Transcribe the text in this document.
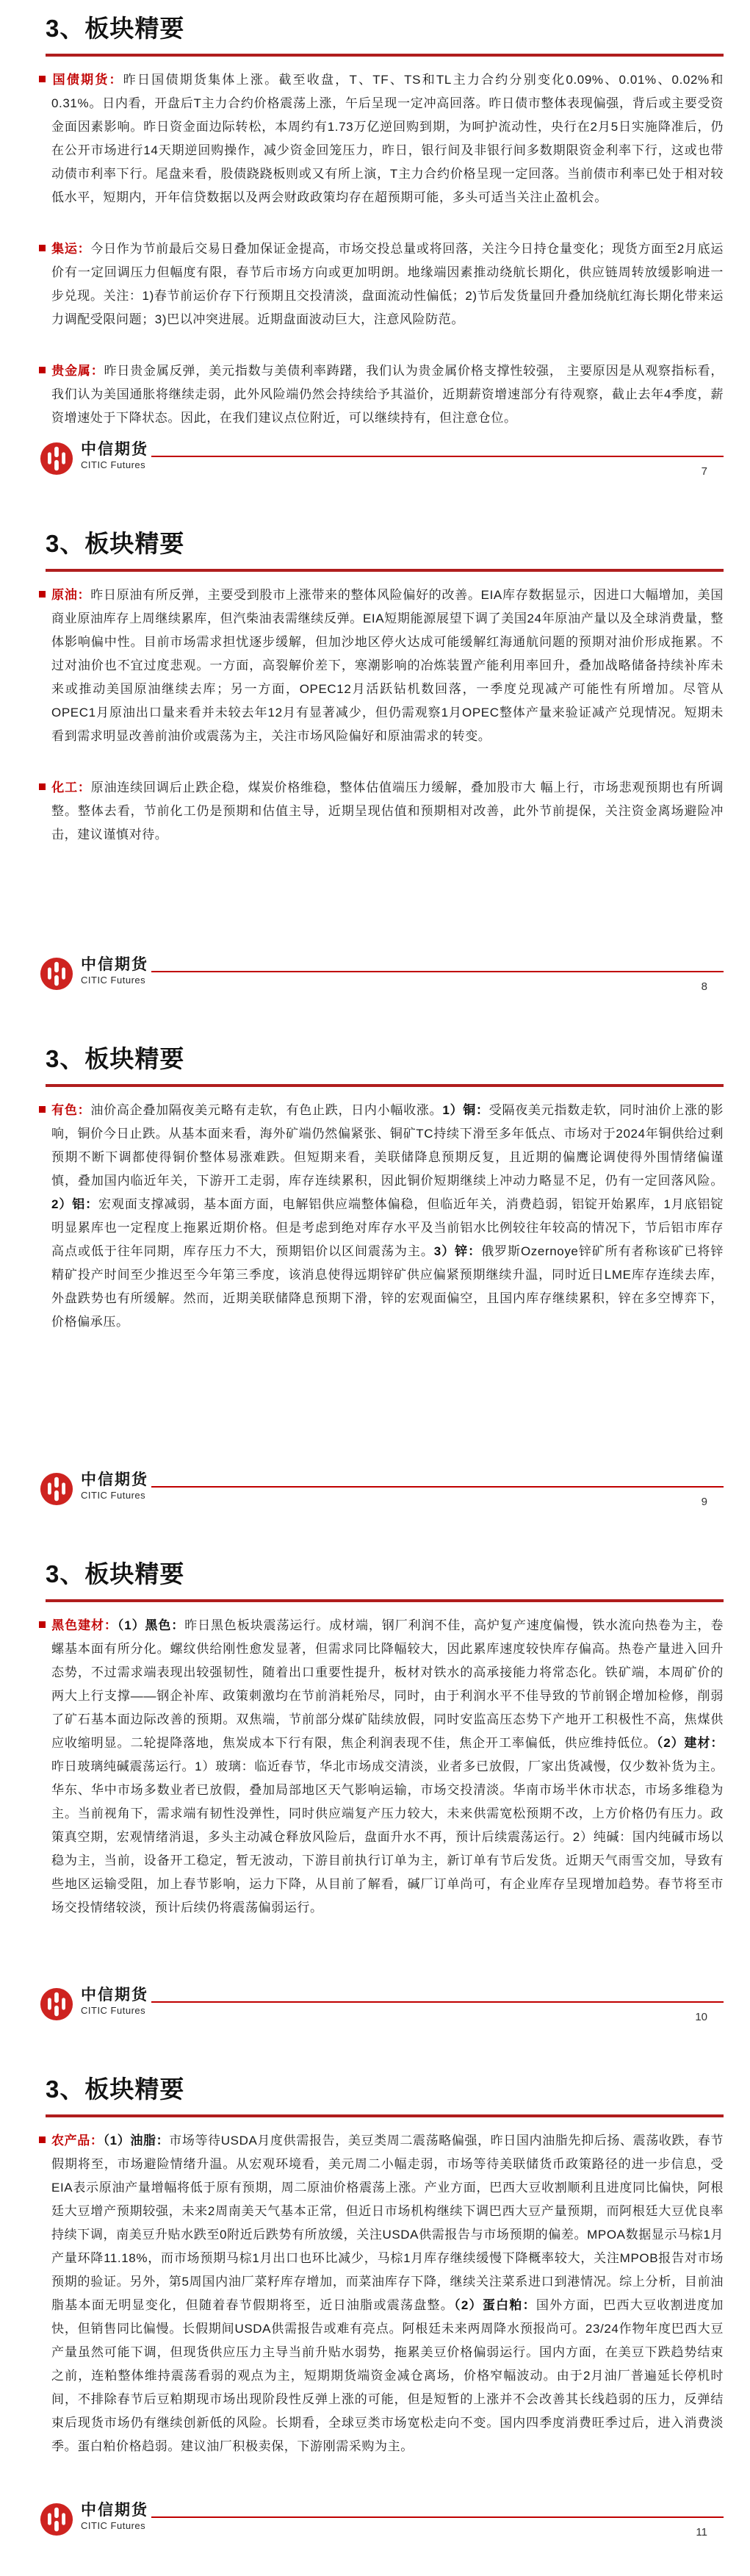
3、板块精要

国债期货：昨日国债期货集体上涨。截至收盘，T、TF、TS和TL主力合约分别变化0.09%、0.01%、0.02%和0.31%。日内看，开盘后T主力合约价格震荡上涨，午后呈现一定冲高回落。昨日债市整体表现偏强，背后或主要受资金面因素影响。昨日资金面边际转松，本周约有1.73万亿逆回购到期，为呵护流动性，央行在2月5日实施降准后，仍在公开市场进行14天期逆回购操作，减少资金回笼压力，昨日，银行间及非银行间多数期限资金利率下行，这或也带动债市利率下行。尾盘来看，股债跷跷板则或又有所上演，T主力合约价格呈现一定回落。当前债市利率已处于相对较低水平，短期内，开年信贷数据以及两会财政政策均存在超预期可能，多头可适当关注止盈机会。

集运：今日作为节前最后交易日叠加保证金提高，市场交投总量或将回落，关注今日持仓量变化；现货方面至2月底运价有一定回调压力但幅度有限，春节后市场方向或更加明朗。地缘端因素推动绕航长期化，供应链周转放缓影响进一步兑现。关注：1)春节前运价存下行预期且交投清淡，盘面流动性偏低；2)节后发货量回升叠加绕航红海长期化带来运力调配受限问题；3)巴以冲突进展。近期盘面波动巨大，注意风险防范。

贵金属：昨日贵金属反弹，美元指数与美债利率踌躇，我们认为贵金属价格支撑性较强， 主要原因是从观察指标看，我们认为美国通胀将继续走弱，此外风险端仍然会持续给予其溢价，近期薪资增速部分有待观察，截止去年4季度，薪资增速处于下降状态。因此，在我们建议点位附近，可以继续持有，但注意仓位。

中信期货
CITIC Futures
7
3、板块精要

原油：昨日原油有所反弹，主要受到股市上涨带来的整体风险偏好的改善。EIA库存数据显示，因进口大幅增加，美国商业原油库存上周继续累库，但汽柴油表需继续反弹。EIA短期能源展望下调了美国24年原油产量以及全球消费量，整体影响偏中性。目前市场需求担忧逐步缓解，但加沙地区停火达成可能缓解红海通航问题的预期对油价形成拖累。不过对油价也不宜过度悲观。一方面，高裂解价差下，寒潮影响的冶炼装置产能利用率回升，叠加战略储备持续补库未来或推动美国原油继续去库；另一方面，OPEC12月活跃钻机数回落，一季度兑现减产可能性有所增加。尽管从OPEC1月原油出口量来看并未较去年12月有显著减少，但仍需观察1月OPEC整体产量来验证减产兑现情况。短期未看到需求明显改善前油价或震荡为主，关注市场风险偏好和原油需求的转变。

化工：原油连续回调后止跌企稳，煤炭价格维稳，整体估值端压力缓解，叠加股市大 幅上行，市场悲观预期也有所调整。整体去看，节前化工仍是预期和估值主导，近期呈现估值和预期相对改善，此外节前提保，关注资金离场避险冲击，建议谨慎对待。

中信期货
CITIC Futures
8
3、板块精要

有色：油价高企叠加隔夜美元略有走软，有色止跌，日内小幅收涨。1）铜：受隔夜美元指数走软，同时油价上涨的影响，铜价今日止跌。从基本面来看，海外矿端仍然偏紧张、铜矿TC持续下滑至多年低点、市场对于2024年铜供给过剩预期不断下调都使得铜价整体易涨难跌。但短期来看，美联储降息预期反复，且近期的偏鹰论调使得外围情绪偏谨慎，叠加国内临近年关，下游开工走弱，库存连续累积，因此铜价短期继续上冲动力略显不足，仍有一定回落风险。2）铝：宏观面支撑减弱，基本面方面，电解铝供应端整体偏稳，但临近年关，消费趋弱，铝锭开始累库，1月底铝锭明显累库也一定程度上拖累近期价格。但是考虑到绝对库存水平及当前铝水比例较往年较高的情况下，节后铝市库存高点或低于往年同期，库存压力不大，预期铝价以区间震荡为主。3）锌：俄罗斯Ozernoye锌矿所有者称该矿已将锌精矿投产时间至少推迟至今年第三季度，该消息使得远期锌矿供应偏紧预期继续升温，同时近日LME库存连续去库，外盘跌势也有所缓解。然而，近期美联储降息预期下滑，锌的宏观面偏空，且国内库存继续累积，锌在多空博弈下，价格偏承压。

中信期货
CITIC Futures
9
3、板块精要

黑色建材：（1）黑色：昨日黑色板块震荡运行。成材端，钢厂利润不佳，高炉复产速度偏慢，铁水流向热卷为主，卷螺基本面有所分化。螺纹供给刚性愈发显著，但需求同比降幅较大，因此累库速度较快库存偏高。热卷产量进入回升态势，不过需求端表现出较强韧性，随着出口重要性提升，板材对铁水的高承接能力将常态化。铁矿端，本周矿价的两大上行支撑——钢企补库、政策刺激均在节前消耗殆尽，同时，由于利润水平不佳导致的节前钢企增加检修，削弱了矿石基本面边际改善的预期。双焦端，节前部分煤矿陆续放假，同时安监高压态势下产地开工积极性不高，焦煤供应收缩明显。二轮提降落地，焦炭成本下行有限，焦企利润表现不佳，焦企开工率偏低，供应维持低位。（2）建材：昨日玻璃纯碱震荡运行。1）玻璃：临近春节，华北市场成交清淡，业者多已放假，厂家出货减慢，仅少数补货为主。华东、华中市场多数业者已放假，叠加局部地区天气影响运输，市场交投清淡。华南市场半休市状态，市场多维稳为主。当前视角下，需求端有韧性没弹性，同时供应端复产压力较大，未来供需宽松预期不改，上方价格仍有压力。政策真空期，宏观情绪消退，多头主动减仓释放风险后，盘面升水不再，预计后续震荡运行。2）纯碱：国内纯碱市场以稳为主，当前，设备开工稳定，暂无波动，下游目前执行订单为主，新订单有节后发货。近期天气雨雪交加，导致有些地区运输受阻，加上春节影响，运力下降，从目前了解看，碱厂订单尚可，有企业库存呈现增加趋势。春节将至市场交投情绪较淡，预计后续仍将震荡偏弱运行。

中信期货
CITIC Futures
10
3、板块精要

农产品：（1）油脂：市场等待USDA月度供需报告，美豆类周二震荡略偏强，昨日国内油脂先抑后扬、震荡收跌，春节假期将至，市场避险情绪升温。从宏观环境看，美元周二小幅走弱，市场等待美联储货币政策路径的进一步信息，受EIA表示原油产量增幅将低于原有预期，周二原油价格震荡上涨。产业方面，巴西大豆收割顺利且进度同比偏快，阿根廷大豆增产预期较强，未来2周南美天气基本正常，但近日市场机构继续下调巴西大豆产量预期，而阿根廷大豆优良率持续下调，南美豆升贴水跌至0附近后跌势有所放缓，关注USDA供需报告与市场预期的偏差。MPOA数据显示马棕1月产量环降11.18%，而市场预期马棕1月出口也环比减少，马棕1月库存继续缓慢下降概率较大，关注MPOB报告对市场预期的验证。另外，第5周国内油厂菜籽库存增加，而菜油库存下降，继续关注菜系进口到港情况。综上分析，目前油脂基本面无明显变化，但随着春节假期将至，近日油脂或震荡盘整。（2）蛋白粕：国外方面，巴西大豆收割进度加快，但销售同比偏慢。长假期间USDA供需报告或难有亮点。阿根廷未来两周降水预报尚可。23/24作物年度巴西大豆产量虽然可能下调，但现货供应压力主导当前升贴水弱势，拖累美豆价格偏弱运行。国内方面，在美豆下跌趋势结束之前，连粕整体维持震荡看弱的观点为主，短期期货端资金减仓离场，价格窄幅波动。由于2月油厂普遍延长停机时间，不排除春节后豆粕期现市场出现阶段性反弹上涨的可能，但是短暂的上涨并不会改善其长线趋弱的压力，反弹结束后现货市场仍有继续创新低的风险。长期看，全球豆类市场宽松走向不变。国内四季度消费旺季过后，进入消费淡季。蛋白粕价格趋弱。建议油厂积极卖保，下游刚需采购为主。

中信期货
CITIC Futures
11
